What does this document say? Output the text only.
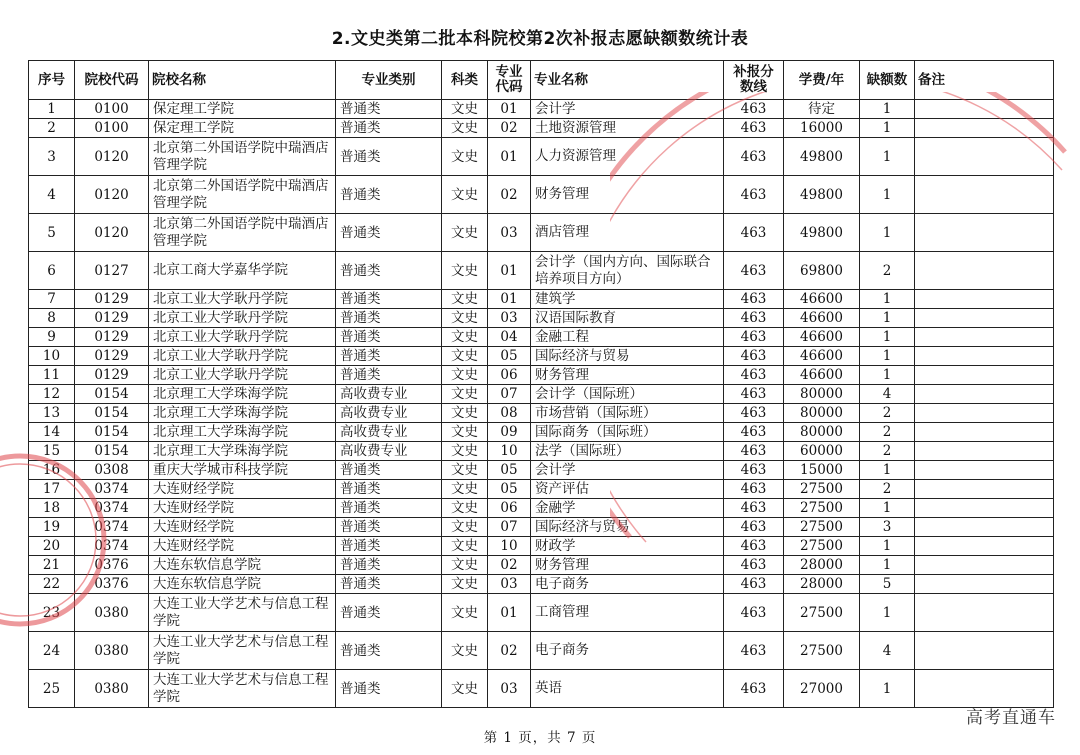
2.文史类第二批本科院校第2次补报志愿缺额数统计表
序号	院校代码	院校名称	专业类别	科类	专业代码	专业名称	补报分数线	学费/年	缺额数	备注
1	0100	保定理工学院	普通类	文史	01	会计学	463	待定	1	
2	0100	保定理工学院	普通类	文史	02	土地资源管理	463	16000	1	
3	0120	北京第二外国语学院中瑞酒店管理学院	普通类	文史	01	人力资源管理	463	49800	1	
4	0120	北京第二外国语学院中瑞酒店管理学院	普通类	文史	02	财务管理	463	49800	1	
5	0120	北京第二外国语学院中瑞酒店管理学院	普通类	文史	03	酒店管理	463	49800	1	
6	0127	北京工商大学嘉华学院	普通类	文史	01	会计学（国内方向、国际联合培养项目方向）	463	69800	2	
7	0129	北京工业大学耿丹学院	普通类	文史	01	建筑学	463	46600	1	
8	0129	北京工业大学耿丹学院	普通类	文史	03	汉语国际教育	463	46600	1	
9	0129	北京工业大学耿丹学院	普通类	文史	04	金融工程	463	46600	1	
10	0129	北京工业大学耿丹学院	普通类	文史	05	国际经济与贸易	463	46600	1	
11	0129	北京工业大学耿丹学院	普通类	文史	06	财务管理	463	46600	1	
12	0154	北京理工大学珠海学院	高收费专业	文史	07	会计学（国际班）	463	80000	4	
13	0154	北京理工大学珠海学院	高收费专业	文史	08	市场营销（国际班）	463	80000	2	
14	0154	北京理工大学珠海学院	高收费专业	文史	09	国际商务（国际班）	463	80000	2	
15	0154	北京理工大学珠海学院	高收费专业	文史	10	法学（国际班）	463	60000	2	
16	0308	重庆大学城市科技学院	普通类	文史	05	会计学	463	15000	1	
17	0374	大连财经学院	普通类	文史	05	资产评估	463	27500	2	
18	0374	大连财经学院	普通类	文史	06	金融学	463	27500	1	
19	0374	大连财经学院	普通类	文史	07	国际经济与贸易	463	27500	3	
20	0374	大连财经学院	普通类	文史	10	财政学	463	27500	1	
21	0376	大连东软信息学院	普通类	文史	02	财务管理	463	28000	1	
22	0376	大连东软信息学院	普通类	文史	03	电子商务	463	28000	5	
23	0380	大连工业大学艺术与信息工程学院	普通类	文史	01	工商管理	463	27500	1	
24	0380	大连工业大学艺术与信息工程学院	普通类	文史	02	电子商务	463	27500	4	
25	0380	大连工业大学艺术与信息工程学院	普通类	文史	03	英语	463	27000	1	
第 1 页，共 7 页
高考直通车
